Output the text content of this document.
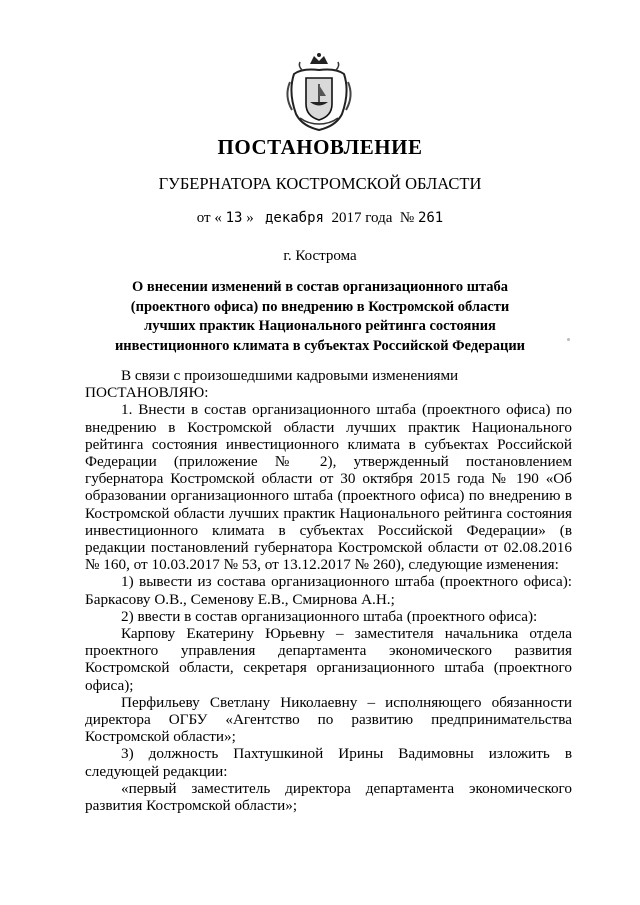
ПОСТАНОВЛЕНИЕ
ГУБЕРНАТОРА КОСТРОМСКОЙ ОБЛАСТИ
от « 13 » декабря 2017 года № 261
г. Кострома
О внесении изменений в состав организационного штаба
(проектного офиса) по внедрению в Костромской области
лучших практик Национального рейтинга состояния
инвестиционного климата в субъектах Российской Федерации

В связи с произошедшими кадровыми изменениями

ПОСТАНОВЛЯЮ:

1. Внести в состав организационного штаба (проектного офиса) по внедрению в Костромской области лучших практик Национального рейтинга состояния инвестиционного климата в субъектах Российской Федерации (приложение № 2), утвержденный постановлением губернатора Костромской области от 30 октября 2015 года № 190 «Об образовании организационного штаба (проектного офиса) по внедрению в Костромской области лучших практик Национального рейтинга состояния инвестиционного климата в субъектах Российской Федерации» (в редакции постановлений губернатора Костромской области от 02.08.2016 № 160, от 10.03.2017 № 53, от 13.12.2017 № 260), следующие изменения:

1) вывести из состава организационного штаба (проектного офиса): Баркасову О.В., Семенову Е.В., Смирнова А.Н.;

2) ввести в состав организационного штаба (проектного офиса):

Карпову Екатерину Юрьевну – заместителя начальника отдела проектного управления департамента экономического развития Костромской области, секретаря организационного штаба (проектного офиса);

Перфильеву Светлану Николаевну – исполняющего обязанности директора ОГБУ «Агентство по развитию предпринимательства Костромской области»;

3) должность Пахтушкиной Ирины Вадимовны изложить в следующей редакции:

«первый заместитель директора департамента экономического развития Костромской области»;
